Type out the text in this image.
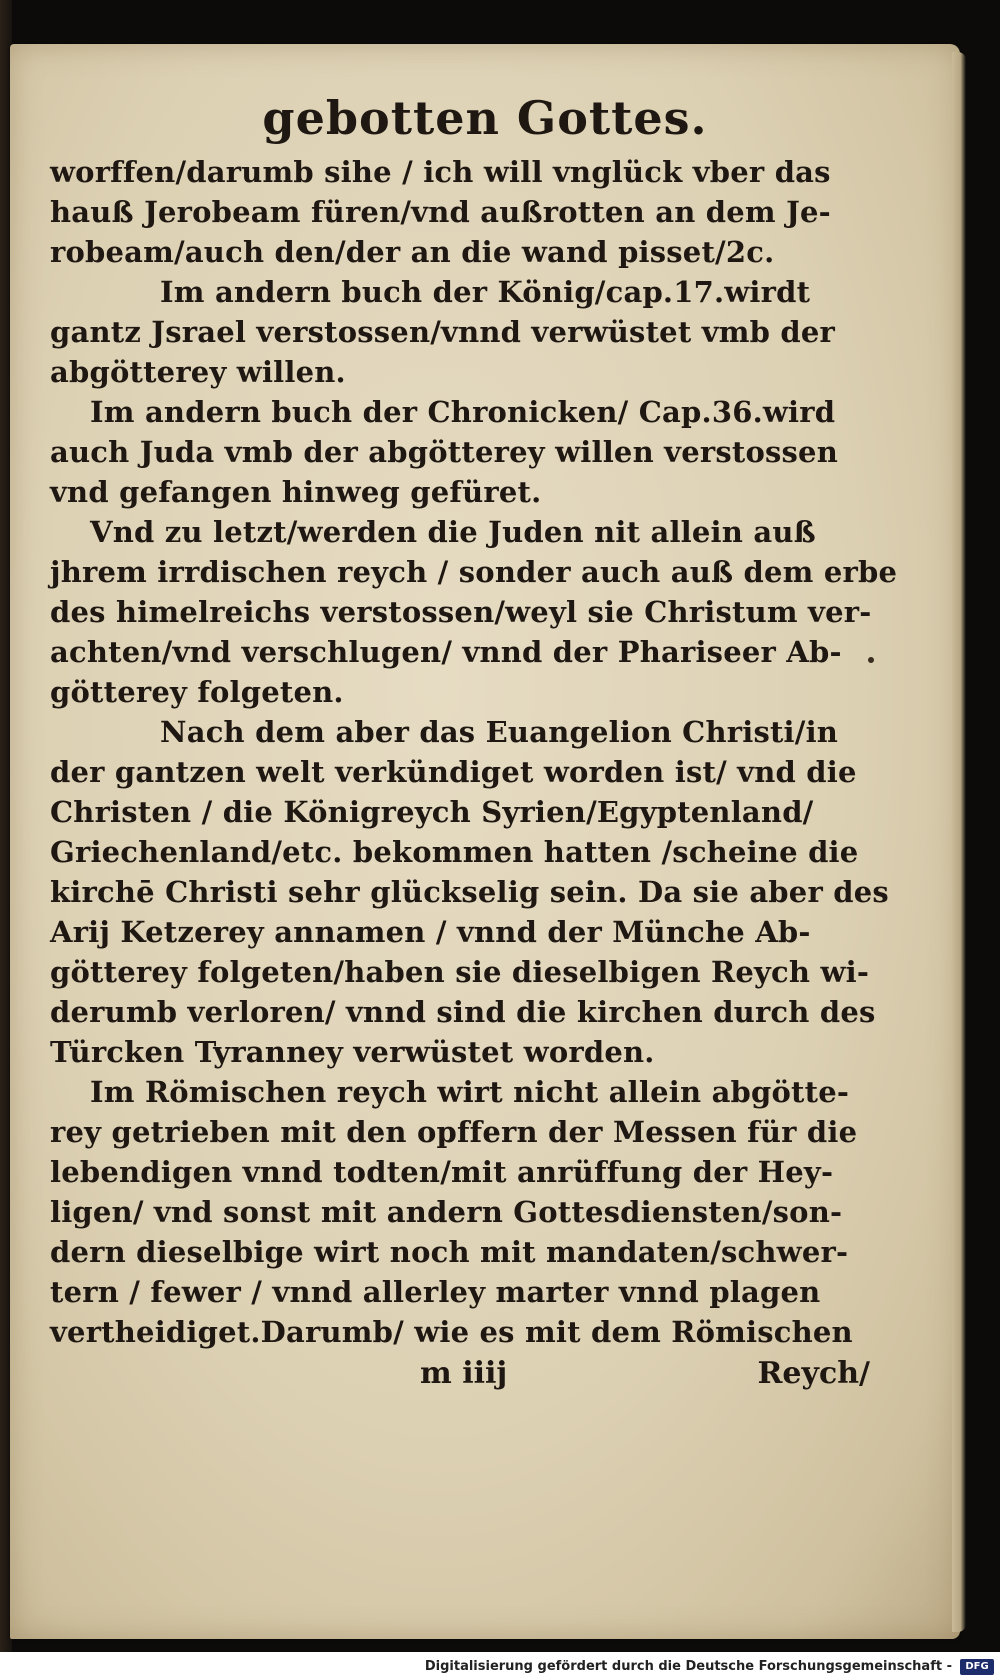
gebotten Gottes.
worffen/darumb sihe / ich will vnglück vber das
hauß Jerobeam füren/vnd außrotten an dem Je-
robeam/auch den/der an die wand pisset/2c.
Im andern buch der König/cap.17.wirdt
gantz Jsrael verstossen/vnnd verwüstet vmb der
abgötterey willen.
Im andern buch der Chronicken/ Cap.36.wird
auch Juda vmb der abgötterey willen verstossen
vnd gefangen hinweg gefüret.
Vnd zu letzt/werden die Juden nit allein auß
jhrem irrdischen reych / sonder auch auß dem erbe
des himelreichs verstossen/weyl sie Christum ver-
achten/vnd verschlugen/ vnnd der Phariseer Ab-
götterey folgeten.
Nach dem aber das Euangelion Christi/in
der gantzen welt verkündiget worden ist/ vnd die
Christen / die Königreych Syrien/Egyptenland/
Griechenland/etc. bekommen hatten /scheine die
kirchē Christi sehr glückselig sein. Da sie aber des
Arij Ketzerey annamen / vnnd der Münche Ab-
götterey folgeten/haben sie dieselbigen Reych wi-
derumb verloren/ vnnd sind die kirchen durch des
Türcken Tyranney verwüstet worden.
Im Römischen reych wirt nicht allein abgötte-
rey getrieben mit den opffern der Messen für die
lebendigen vnnd todten/mit anrüffung der Hey-
ligen/ vnd sonst mit andern Gottesdiensten/son-
dern dieselbige wirt noch mit mandaten/schwer-
tern / fewer / vnnd allerley marter vnnd plagen
vertheidiget.Darumb/ wie es mit dem Römischen
m iiij	Reych/
Digitalisierung gefördert durch die Deutsche Forschungsgemeinschaft -	DFG
